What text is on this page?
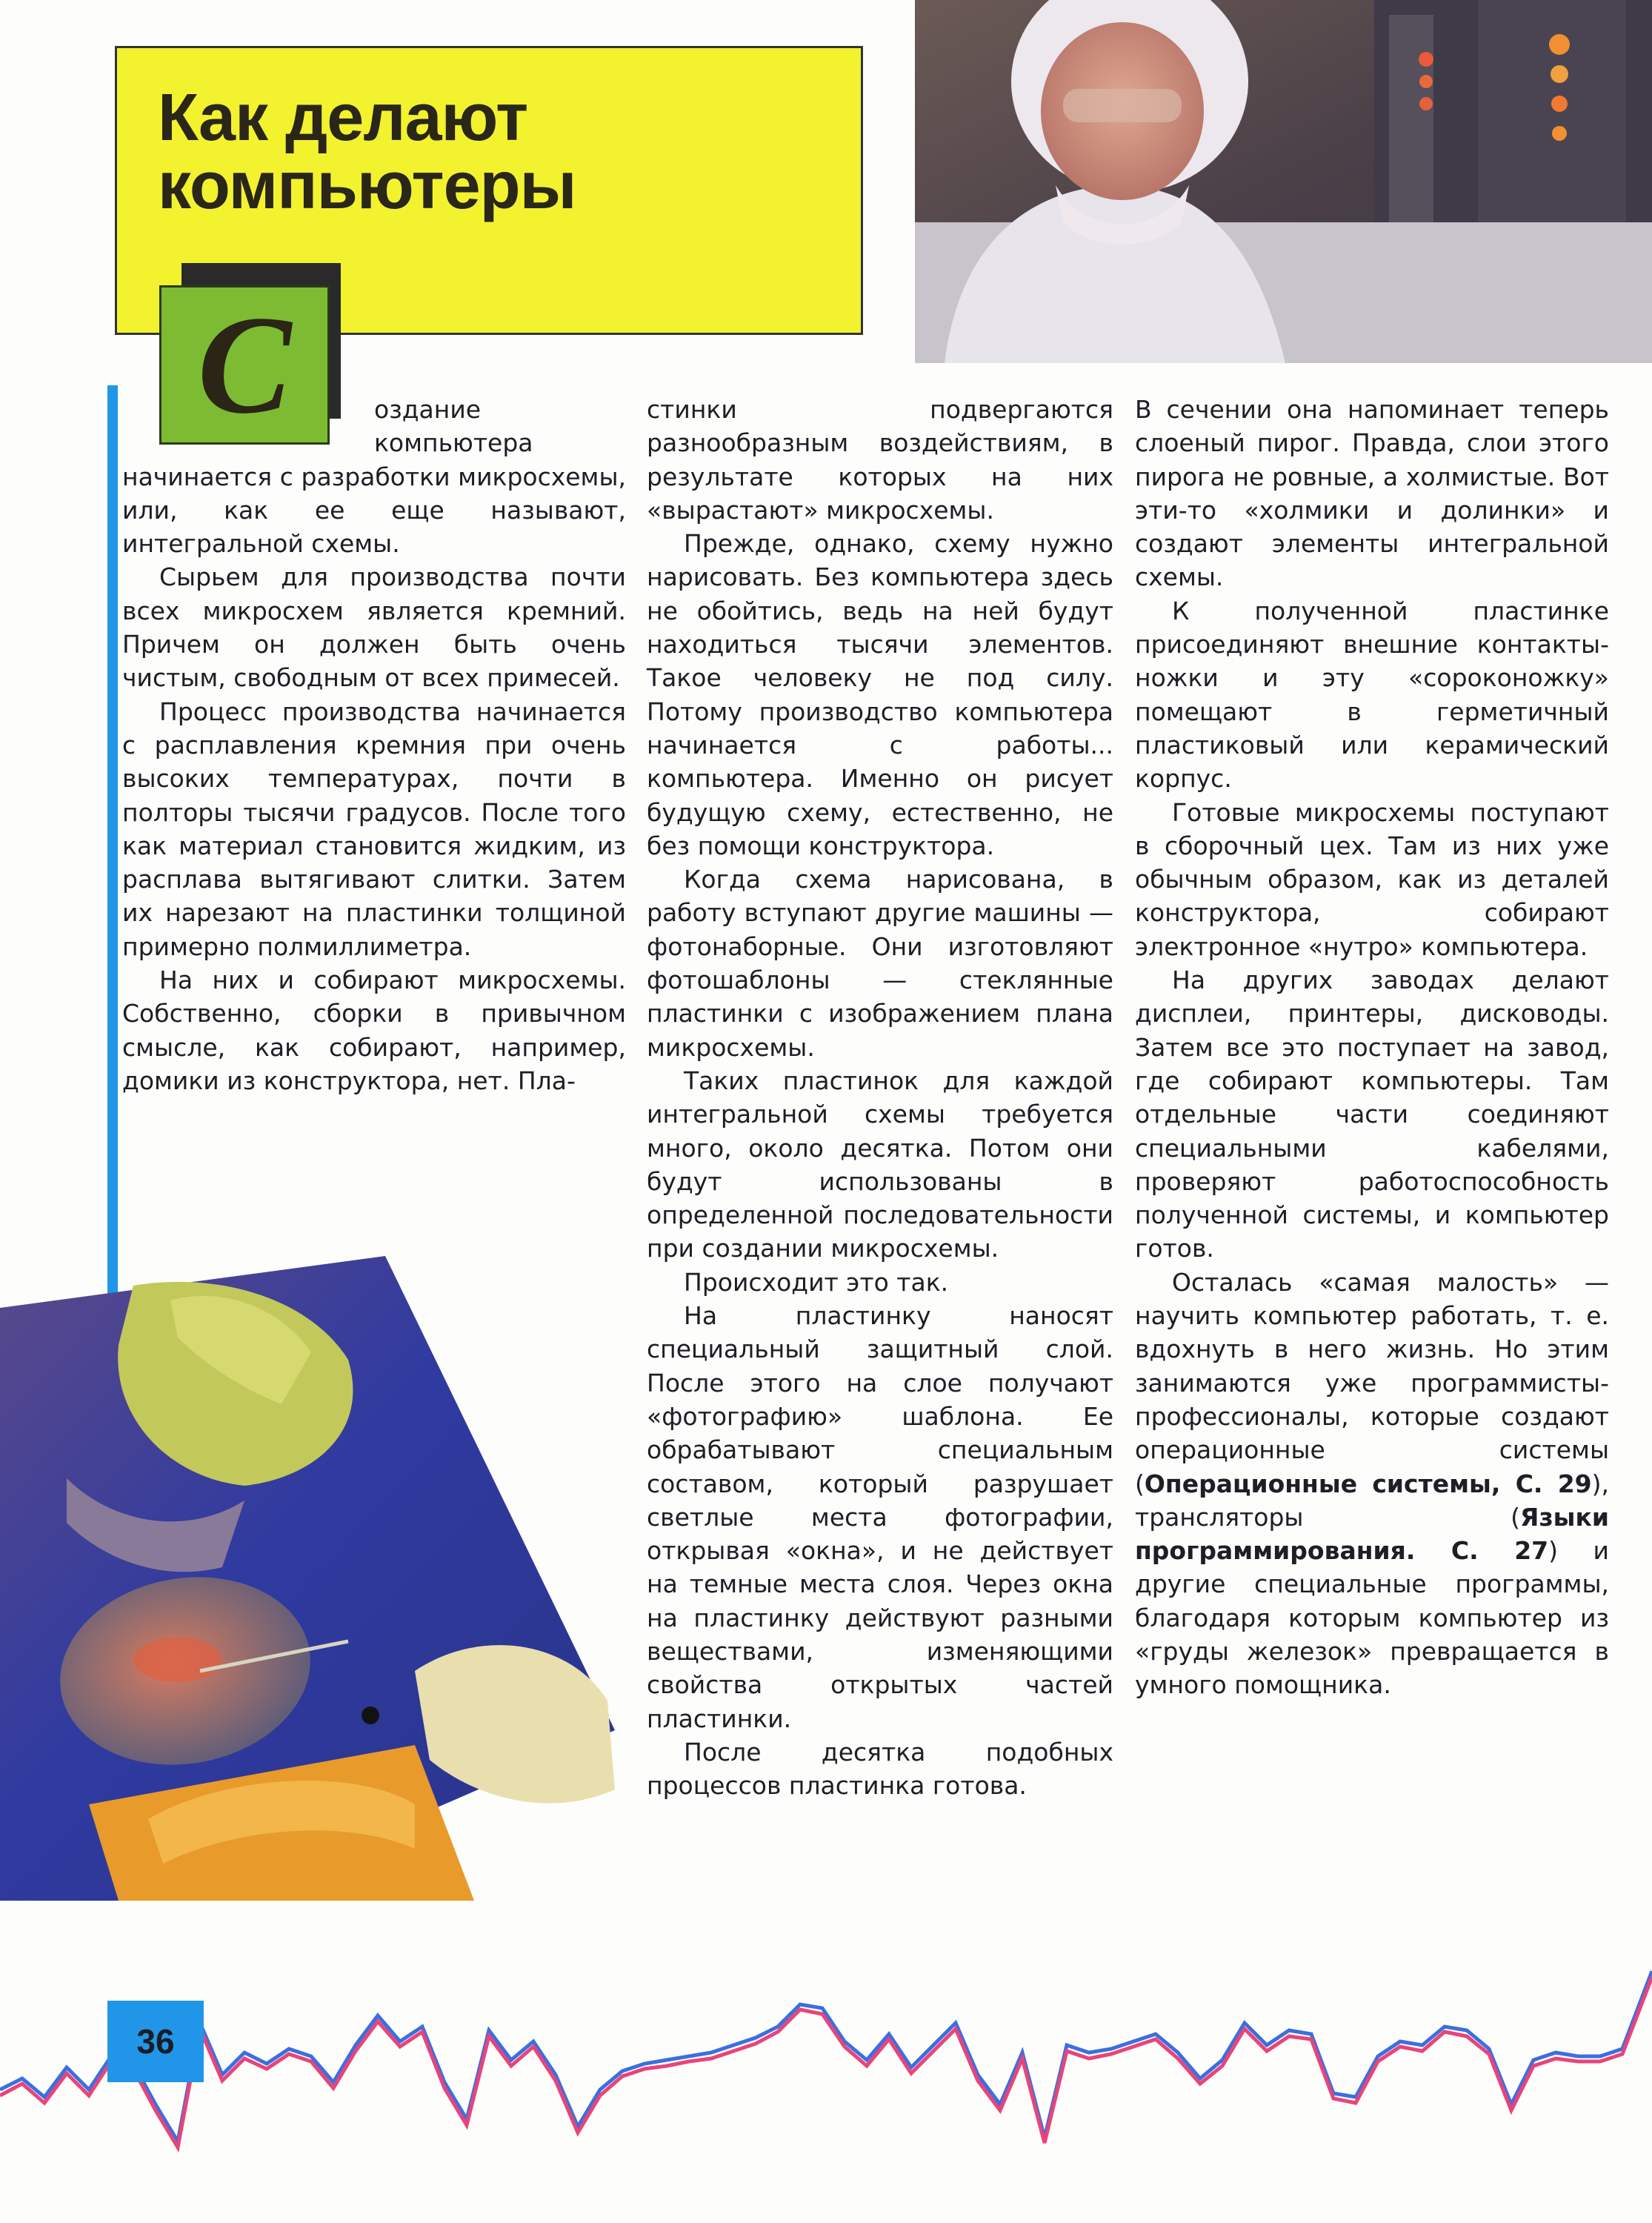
Как делают
компьютеры
С	оздание компьютера начинается с разработки микросхемы, или, как ее еще называют, интегральной схемы.

Сырьем для производства почти всех микросхем является кремний. Причем он должен быть очень чистым, свободным от всех примесей.

Процесс производства начинается с расплавления кремния при очень высоких температурах, почти в полторы тысячи градусов. После того как материал становится жидким, из расплава вытягивают слитки. Затем их нарезают на пластинки толщиной примерно полмиллиметра.

На них и собирают микросхемы. Собственно, сборки в привычном смысле, как собирают, например, домики из конструктора, нет. Пла-

стинки подвергаются разнообразным воздействиям, в результате которых на них «вырастают» микросхемы.

Прежде, однако, схему нужно нарисовать. Без компьютера здесь не обойтись, ведь на ней будут находиться тысячи элементов. Такое человеку не под силу. Потому производство компьютера начинается с работы... компьютера. Именно он рисует будущую схему, естественно, не без помощи конструктора.

Когда схема нарисована, в работу вступают другие машины — фотонаборные. Они изготовляют фотошаблоны — стеклянные пластинки с изображением плана микросхемы.

Таких пластинок для каждой интегральной схемы требуется много, около десятка. Потом они будут использованы в определенной последовательности при создании микросхемы.

Происходит это так.

На пластинку наносят специальный защитный слой. После этого на слое получают «фотографию» шаблона. Ее обрабатывают специальным составом, который разрушает светлые места фотографии, открывая «окна», и не действует на темные места слоя. Через окна на пластинку действуют разными веществами, изменяющими свойства открытых частей пластинки.

После десятка подобных процессов пластинка готова.

В сечении она напоминает теперь слоеный пирог. Правда, слои этого пирога не ровные, а холмистые. Вот эти-то «холмики и долинки» и создают элементы интегральной схемы.

К полученной пластинке присоединяют внешние контакты-ножки и эту «сороконожку» помещают в герметичный пластиковый или керамический корпус.

Готовые микросхемы поступают в сборочный цех. Там из них уже обычным образом, как из деталей конструктора, собирают электронное «нутро» компьютера.

На других заводах делают дисплеи, принтеры, дисководы. Затем все это поступает на завод, где собирают компьютеры. Там отдельные части соединяют специальными кабелями, проверяют работоспособность полученной системы, и компьютер готов.

Осталась «самая малость» — научить компьютер работать, т. е. вдохнуть в него жизнь. Но этим занимаются уже программисты-профессионалы, которые создают операционные системы (Операционные системы, С. 29), трансляторы (Языки программирования. С. 27) и другие специальные программы, благодаря которым компьютер из «груды железок» превращается в умного помощника.

36
